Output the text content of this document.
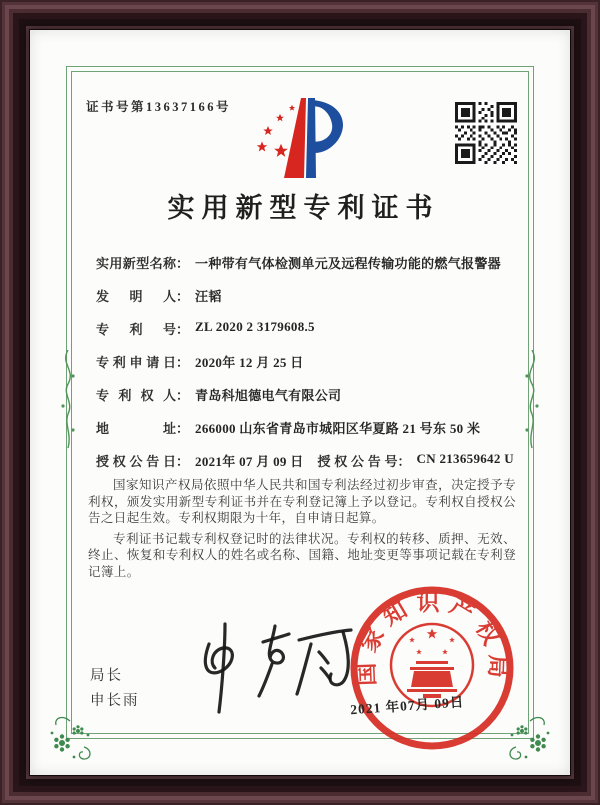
证书号第13637166号
实用新型专利证书
实用新型名称 ： 一种带有气体检测单元及远程传输功能的燃气报警器
发明人 ： 汪韬
专利号 ： ZL 2020 2 3179608.5
专利申请日 ： 2020年 12 月 25 日
专利权人 ： 青岛科旭德电气有限公司
地址 ： 266000 山东省青岛市城阳区华夏路 21 号东 50 米
授权公告日 ： 2021年 07 月 09 日 授权公告号 ： CN 213659642 U

国家知识产权局依照中华人民共和国专利法经过初步审查，决定授予专利权，颁发实用新型专利证书并在专利登记簿上予以登记。专利权自授权公告之日起生效。专利权期限为十年，自申请日起算。

专利证书记载专利权登记时的法律状况。专利权的转移、质押、无效、终止、恢复和专利权人的姓名或名称、国籍、地址变更等事项记载在专利登记簿上。

局长
申长雨
国家知识产权局
2021 年07月 09日
